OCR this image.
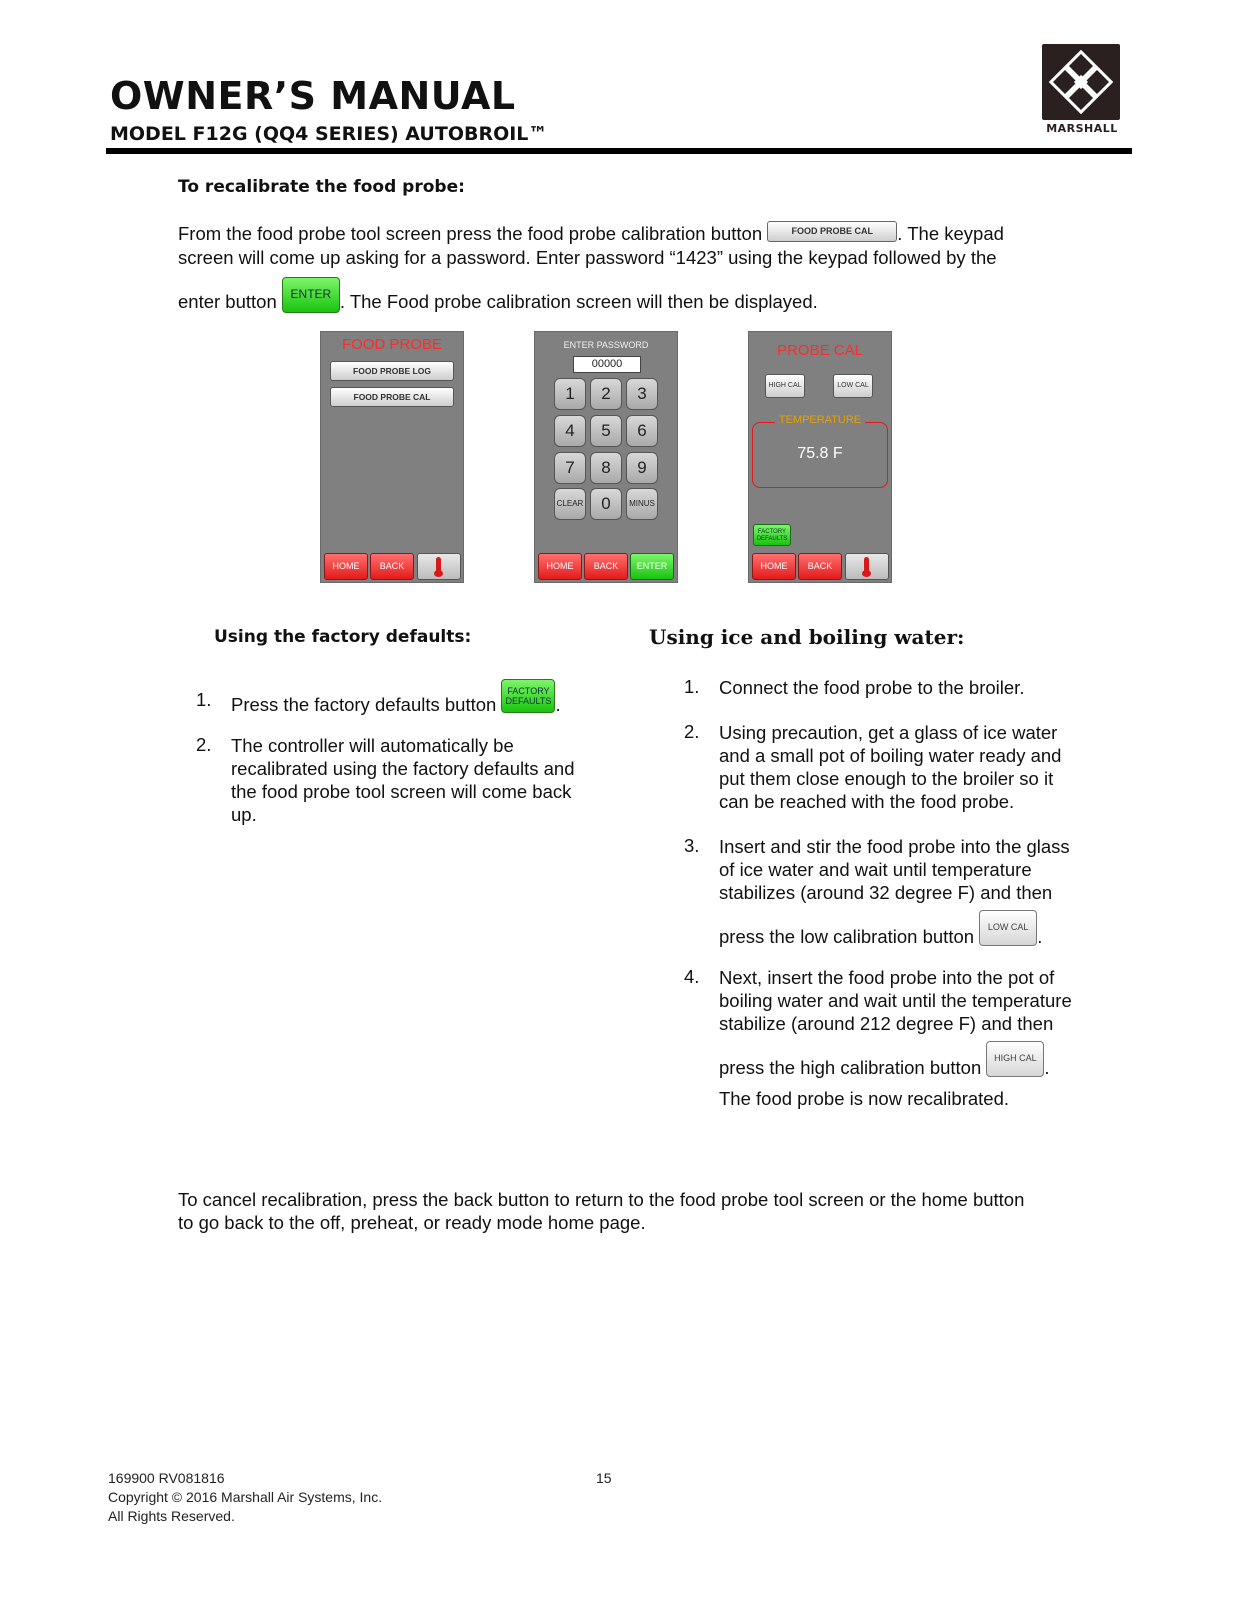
OWNER’S MANUAL
MODEL F12G (QQ4 SERIES) AUTOBROIL™	MARSHALL
To recalibrate the food probe:
From the food probe tool screen press the food probe calibration button	FOOD PROBE CAL . The keypad
screen will come up asking for a password. Enter password “1423” using the keypad followed by the
enter button ENTER . The Food probe calibration screen will then be displayed.
FOOD PROBE
FOOD PROBE LOG
FOOD PROBE CAL
HOME	BACK
ENTER PASSWORD
00000
1	2	3
4	5	6
7	8	9
CLEAR	0	MINUS
HOME	BACK	ENTER
PROBE CAL
HIGH CAL	LOW CAL
TEMPERATURE
75.8 F
FACTORY
DEFAULTS
HOME	BACK
Using the factory defaults:
1. Press the factory defaults button
FACTORY
DEFAULTS .
2. The controller will automatically be
recalibrated using the factory defaults and
the food probe tool screen will come back
up.
Using ice and boiling water:
1. Connect the food probe to the broiler.
2. Using precaution, get a glass of ice water
and a small pot of boiling water ready and
put them close enough to the broiler so it
can be reached with the food probe.
3. Insert and stir the food probe into the glass
of ice water and wait until temperature
stabilizes (around 32 degree F) and then
press the low calibration button LOW CAL .
4. Next, insert the food probe into the pot of
boiling water and wait until the temperature
stabilize (around 212 degree F) and then
press the high calibration button HIGH CAL .
The food probe is now recalibrated.
To cancel recalibration, press the back button to return to the food probe tool screen or the home button
to go back to the off, preheat, or ready mode home page.
169900 RV081816
Copyright © 2016 Marshall Air Systems, Inc.
All Rights Reserved.
15
